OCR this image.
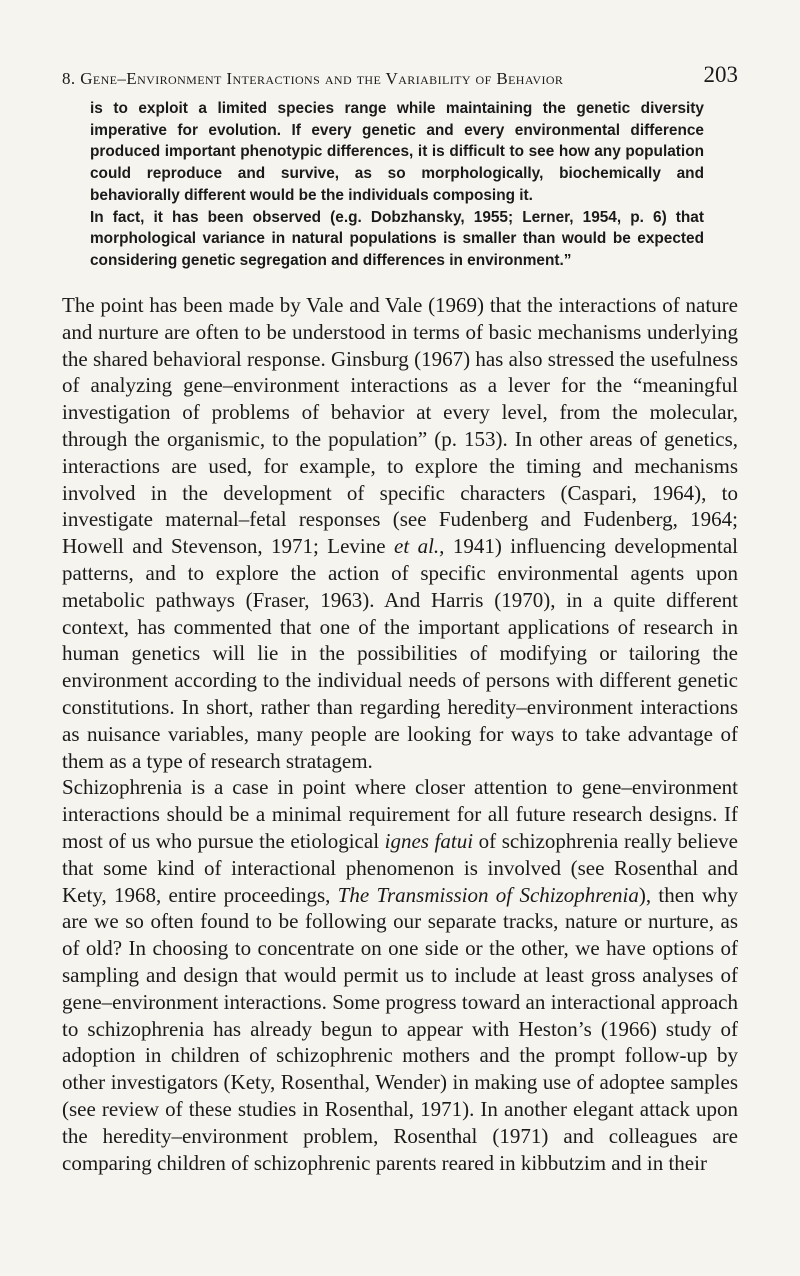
8. Gene–Environment Interactions and the Variability of Behavior	203

is to exploit a limited species range while maintaining the genetic diversity imperative for evolution. If every genetic and every environmental difference produced important phenotypic differences, it is difficult to see how any population could reproduce and survive, as so morphologically, biochemically and behaviorally different would be the individuals composing it.

In fact, it has been observed (e.g. Dobzhansky, 1955; Lerner, 1954, p. 6) that morphological variance in natural populations is smaller than would be expected considering genetic segregation and differences in environment.”

The point has been made by Vale and Vale (1969) that the interactions of nature and nurture are often to be understood in terms of basic mechanisms underlying the shared behavioral response. Ginsburg (1967) has also stressed the usefulness of analyzing gene–environment interactions as a lever for the “meaningful investigation of problems of behavior at every level, from the molecular, through the organismic, to the population” (p. 153). In other areas of genetics, interactions are used, for example, to explore the timing and mechanisms involved in the development of specific characters (Caspari, 1964), to investigate maternal–fetal responses (see Fudenberg and Fudenberg, 1964; Howell and Stevenson, 1971; Levine et al., 1941) influencing developmental patterns, and to explore the action of specific environmental agents upon metabolic pathways (Fraser, 1963). And Harris (1970), in a quite different context, has commented that one of the important applications of research in human genetics will lie in the possibilities of modifying or tailoring the environment according to the individual needs of persons with different genetic constitutions. In short, rather than regarding heredity–environment interactions as nuisance variables, many people are looking for ways to take advantage of them as a type of research stratagem.

Schizophrenia is a case in point where closer attention to gene–environment interactions should be a minimal requirement for all future research designs. If most of us who pursue the etiological ignes fatui of schizophrenia really believe that some kind of interactional phenomenon is involved (see Rosenthal and Kety, 1968, entire proceedings, The Transmission of Schizophrenia), then why are we so often found to be following our separate tracks, nature or nurture, as of old? In choosing to concentrate on one side or the other, we have options of sampling and design that would permit us to include at least gross analyses of gene–environment interactions. Some progress toward an interactional approach to schizophrenia has already begun to appear with Heston’s (1966) study of adoption in children of schizophrenic mothers and the prompt follow-up by other investigators (Kety, Rosenthal, Wender) in making use of adoptee samples (see review of these studies in Rosenthal, 1971). In another elegant attack upon the heredity–environment problem, Rosenthal (1971) and colleagues are comparing children of schizophrenic parents reared in kibbutzim and in their
